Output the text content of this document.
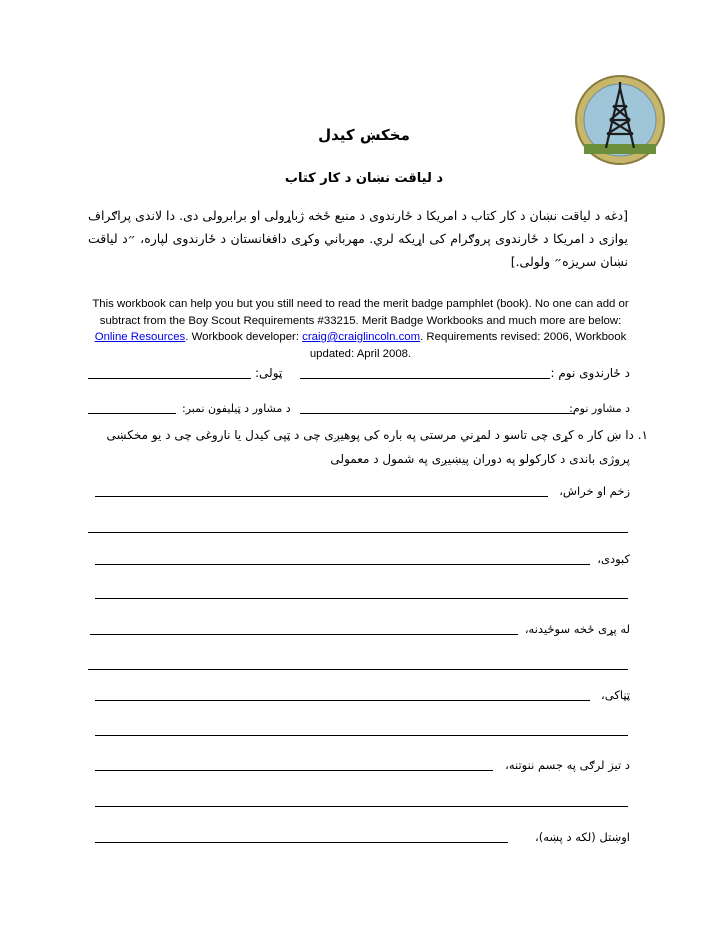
مخکښ کيدل
د لياقت نښان د کار کتاب
[دغه د لياقت نښان د کار کتاب د امريکا د ځارندوی د منبع ځخه ژباړولی او برابرولی دی. دا لاندی پراګراف يوازی د امريکا د ځارندوی پروګرام کی اړيکه لري. مهرباني وکړی دافغانستان د ځارندوی لپاره، ״د لياقت نښان سريزه״ ولولی.]
This workbook can help you but you still need to read the merit badge pamphlet (book). No one can add or subtract from the Boy Scout Requirements #33215. Merit Badge Workbooks and much more are below: Online Resources. Workbook developer: craig@craiglincoln.com. Requirements revised: 2006, Workbook updated: April 2008.
د ځارندوی نوم :
ټولی:
د مشاور نوم:
د مشاور د ټيليفون نمبر:
١. دا ښ کار ه کړی چی تاسو د لمړني مرستی په باره کی پوهيږی چی د ټپی کيدل يا ناروغی چی د يو مخکښی
پروژی باندی د کارکولو په دوران پيښيږی په شمول د معمولی
زخم او خراش،
کبودی،
له پړی ځخه سوځيدنه،
ټڼاکی،
د تيز لرګی په جسم ننوتنه،
اوښتل (لکه د پښه)،
